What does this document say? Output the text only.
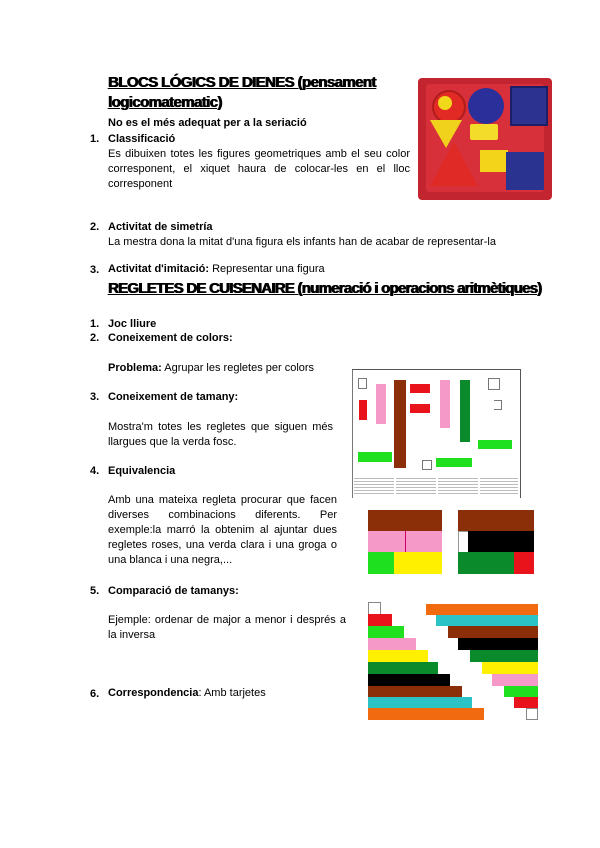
BLOCS LÓGICS DE DIENES (pensament
logicomatematic)
No es el més adequat per a la seriació
1. Classificació
Es dibuixen totes les figures geometriques amb el seu color
corresponent, el xiquet haura de colocar-les en el lloc
corresponent
2. Activitat de simetría
La mestra dona la mitat d'una figura els infants han de acabar de representar-la
3. Activitat d'imitació: Representar una figura
REGLETES DE CUISENAIRE (numeració i operacions aritmètiques)
1. Joc lliure
2. Coneixement de colors:
Problema: Agrupar les regletes per colors
3. Coneixement de tamany:
Mostra'm totes les regletes que siguen més
llargues que la verda fosc.
4. Equivalencia
Amb una mateixa regleta procurar que facen
diverses combinacions diferents. Per
exemple:la marró la obtenim al ajuntar dues
regletes roses, una verda clara i una groga o
una blanca i una negra,...
5. Comparació de tamanys:
Ejemple: ordenar de major a menor i després a
la inversa
6. Correspondencia: Amb tarjetes
